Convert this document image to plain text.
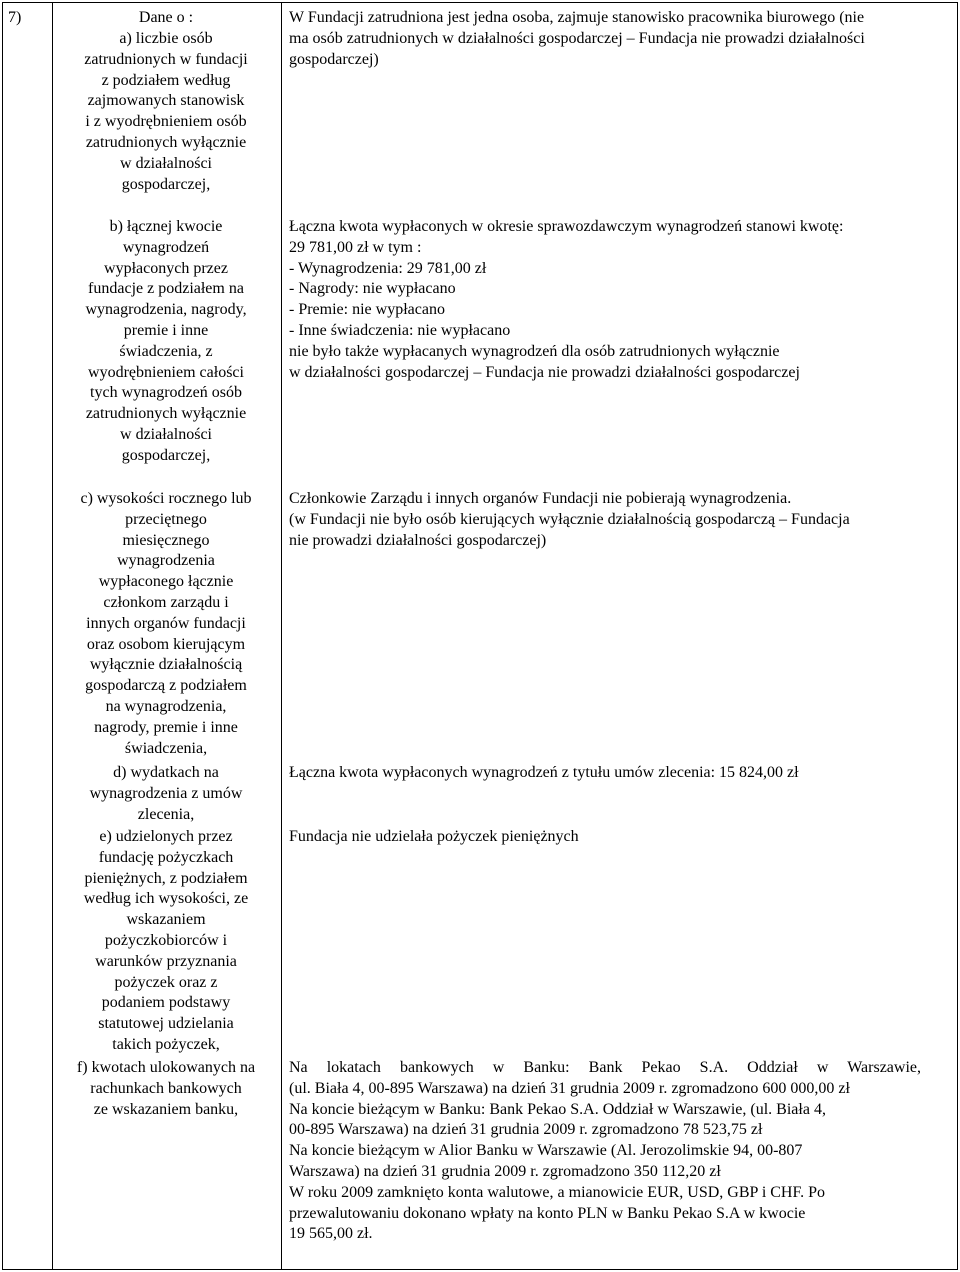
7)	Dane o :
a) liczbie osób
zatrudnionych w fundacji
z podziałem według
zajmowanych stanowisk
i z wyodrębnieniem osób
zatrudnionych wyłącznie
w działalności
gospodarczej,
W Fundacji zatrudniona jest jedna osoba, zajmuje stanowisko pracownika biurowego (nie
ma osób zatrudnionych w działalności gospodarczej – Fundacja nie prowadzi działalności
gospodarczej)
b) łącznej kwocie
wynagrodzeń
wypłaconych przez
fundacje z podziałem na
wynagrodzenia, nagrody,
premie i inne
świadczenia, z
wyodrębnieniem całości
tych wynagrodzeń osób
zatrudnionych wyłącznie
w działalności
gospodarczej,
Łączna kwota wypłaconych w okresie sprawozdawczym wynagrodzeń stanowi kwotę:
29 781,00 zł w tym :
- Wynagrodzenia: 29 781,00 zł
- Nagrody: nie wypłacano
- Premie: nie wypłacano
- Inne świadczenia: nie wypłacano
nie było także wypłacanych wynagrodzeń dla osób zatrudnionych wyłącznie
w działalności gospodarczej – Fundacja nie prowadzi działalności gospodarczej
c) wysokości rocznego lub
przeciętnego
miesięcznego
wynagrodzenia
wypłaconego łącznie
członkom zarządu i
innych organów fundacji
oraz osobom kierującym
wyłącznie działalnością
gospodarczą z podziałem
na wynagrodzenia,
nagrody, premie i inne
świadczenia,
Członkowie Zarządu i innych organów Fundacji nie pobierają wynagrodzenia.
(w Fundacji nie było osób kierujących wyłącznie działalnością gospodarczą – Fundacja
nie prowadzi działalności gospodarczej)
d) wydatkach na
wynagrodzenia z umów
zlecenia,
Łączna kwota wypłaconych wynagrodzeń z tytułu umów zlecenia: 15 824,00 zł
e) udzielonych przez
fundację pożyczkach
pieniężnych, z podziałem
według ich wysokości, ze
wskazaniem
pożyczkobiorców i
warunków przyznania
pożyczek oraz z
podaniem podstawy
statutowej udzielania
takich pożyczek,
Fundacja nie udzielała pożyczek pieniężnych
f) kwotach ulokowanych na
rachunkach bankowych
ze wskazaniem banku,
Na lokatach bankowych w Banku: Bank Pekao S.A. Oddział w Warszawie,
(ul. Biała 4, 00-895 Warszawa) na dzień 31 grudnia 2009 r. zgromadzono 600 000,00 zł
Na koncie bieżącym w Banku: Bank Pekao S.A. Oddział w Warszawie, (ul. Biała 4,
00-895 Warszawa) na dzień 31 grudnia 2009 r. zgromadzono 78 523,75 zł
Na koncie bieżącym w Alior Banku w Warszawie (Al. Jerozolimskie 94, 00-807
Warszawa) na dzień 31 grudnia 2009 r. zgromadzono 350 112,20 zł
W roku 2009 zamknięto konta walutowe, a mianowicie EUR, USD, GBP i CHF. Po
przewalutowaniu dokonano wpłaty na konto PLN w Banku Pekao S.A w kwocie
19 565,00 zł.
